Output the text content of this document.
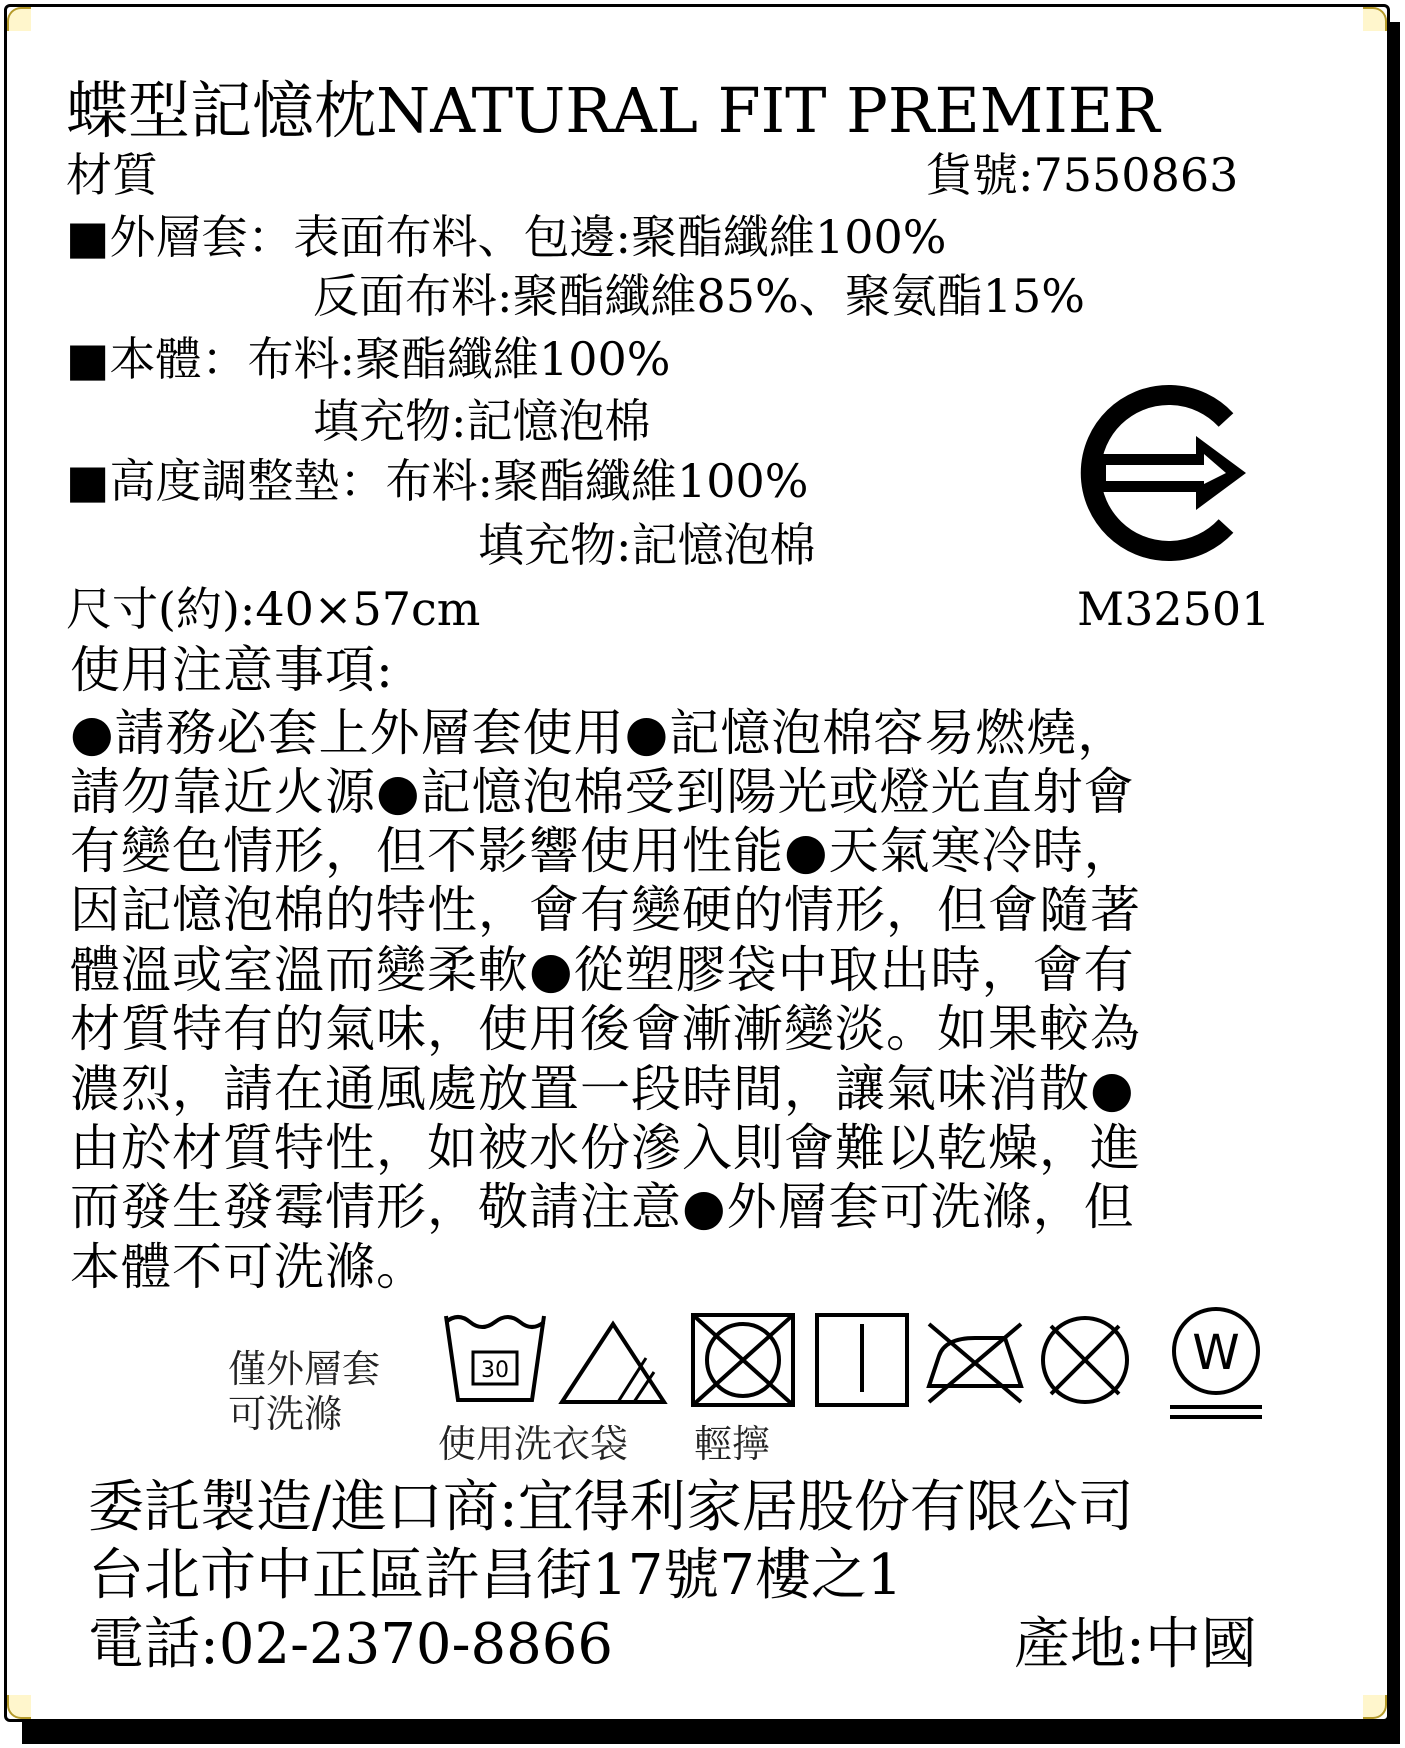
蝶型記憶枕NATURAL FIT PREMIER
材質	貨號:7550863
■外層套：表面布料、包邊:聚酯纖維100%
反面布料:聚酯纖維85%、聚氨酯15%
■本體：布料:聚酯纖維100%
填充物:記憶泡棉
■高度調整墊：布料:聚酯纖維100%
填充物:記憶泡棉
M32501
尺寸(約):40×57cm
使用注意事項:

●請務必套上外層套使用●記憶泡棉容易燃燒，

請勿靠近火源●記憶泡棉受到陽光或燈光直射會

有變色情形，但不影響使用性能●天氣寒冷時，

因記憶泡棉的特性，會有變硬的情形，但會隨著

體溫或室溫而變柔軟●從塑膠袋中取出時，會有

材質特有的氣味，使用後會漸漸變淡。如果較為

濃烈，請在通風處放置一段時間，讓氣味消散●

由於材質特性，如被水份滲入則會難以乾燥，進

而發生發霉情形，敬請注意●外層套可洗滌，但

本體不可洗滌。

僅外層套
可洗滌
30	W
使用洗衣袋 輕擰
委託製造/進口商:宜得利家居股份有限公司
台北市中正區許昌街17號7樓之1
電話:02-2370-8866	產地:中國
